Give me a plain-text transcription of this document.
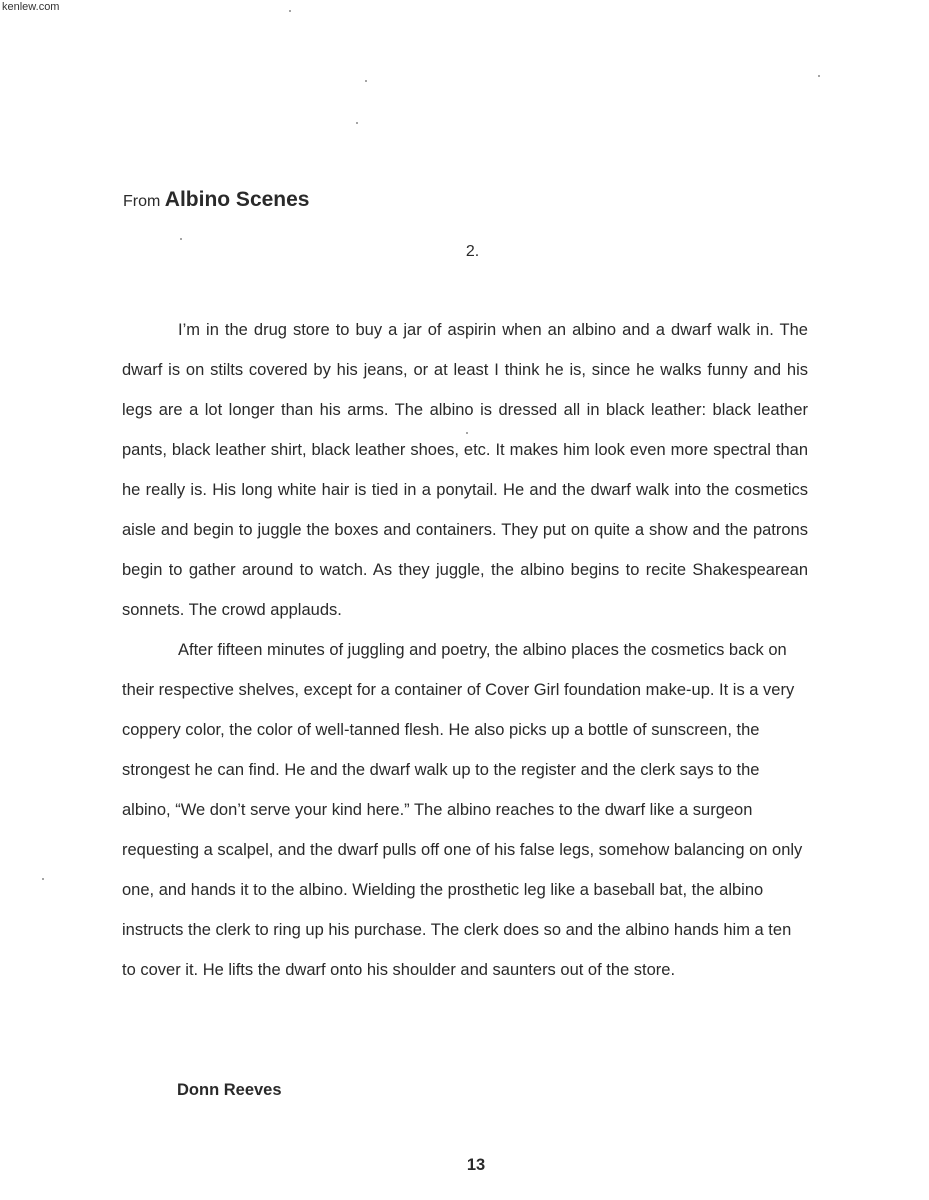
kenlew.com
From Albino Scenes
2.

I’m in the drug store to buy a jar of aspirin when an albino and a dwarf walk in. The dwarf is on stilts covered by his jeans, or at least I think he is, since he walks funny and his legs are a lot longer than his arms. The albino is dressed all in black leather: black leather pants, black leather shirt, black leather shoes, etc. It makes him look even more spectral than he really is. His long white hair is tied in a ponytail. He and the dwarf walk into the cosmetics aisle and begin to juggle the boxes and containers. They put on quite a show and the patrons begin to gather around to watch. As they juggle, the albino begins to recite Shakespearean sonnets. The crowd applauds.

After fifteen minutes of juggling and poetry, the albino places the cosmetics back on their respective shelves, except for a container of Cover Girl foundation make-up. It is a very coppery color, the color of well-tanned flesh. He also picks up a bottle of sunscreen, the strongest he can find. He and the dwarf walk up to the register and the clerk says to the albino, “We don’t serve your kind here.” The albino reaches to the dwarf like a surgeon requesting a scalpel, and the dwarf pulls off one of his false legs, somehow balancing on only one, and hands it to the albino. Wielding the prosthetic leg like a baseball bat, the albino instructs the clerk to ring up his purchase. The clerk does so and the albino hands him a ten to cover it. He lifts the dwarf onto his shoulder and saunters out of the store.

Donn Reeves
13
